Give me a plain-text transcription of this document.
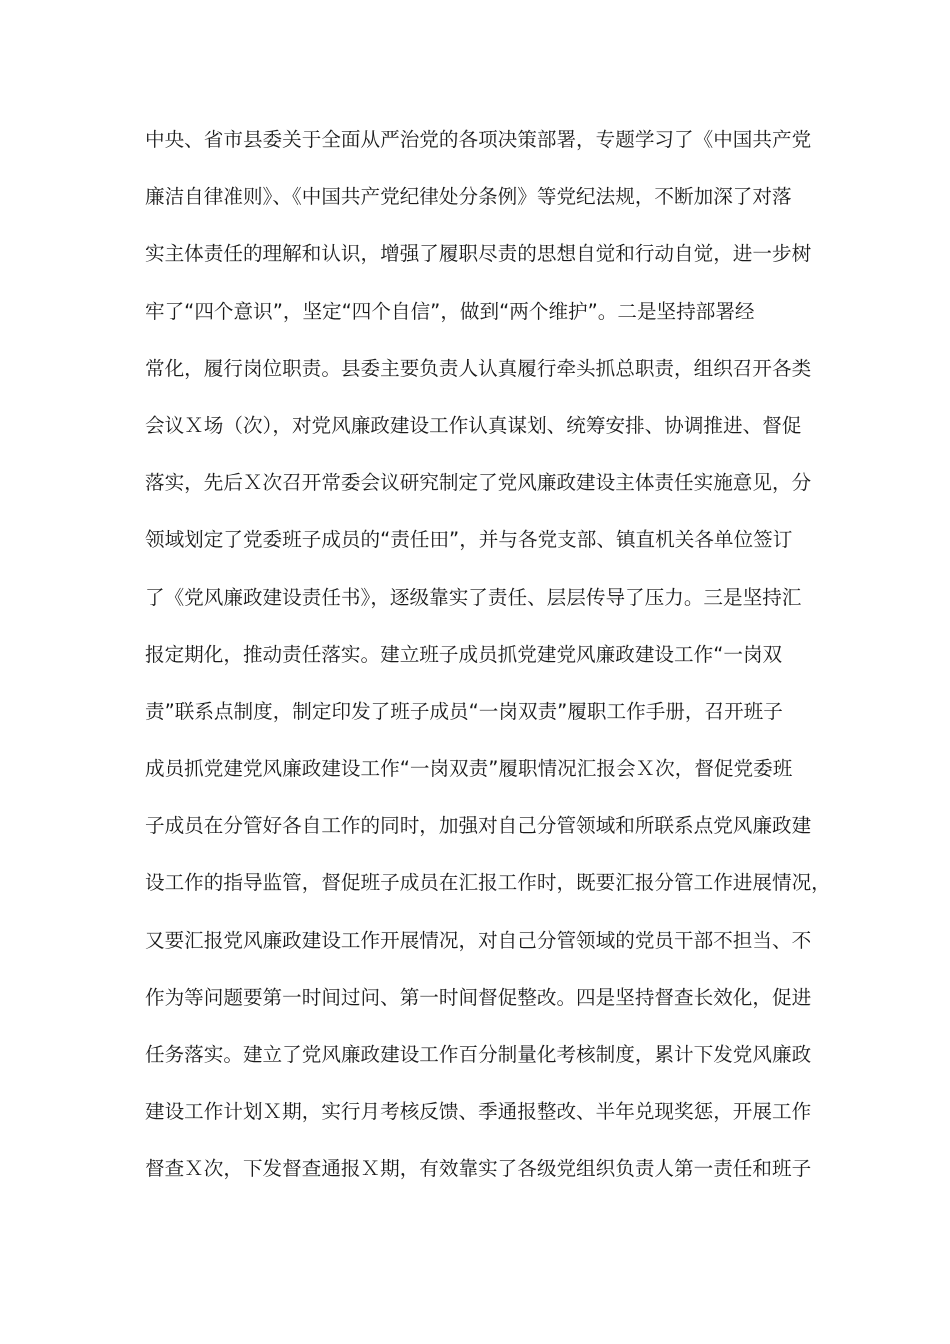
中央、省市县委关于全面从严治党的各项决策部署，专题学习了《中国共产党
廉洁自律准则》、《中国共产党纪律处分条例》等党纪法规，不断加深了对落
实主体责任的理解和认识，增强了履职尽责的思想自觉和行动自觉，进一步树
牢了“四个意识”，坚定“四个自信”，做到“两个维护”。二是坚持部署经
常化，履行岗位职责。县委主要负责人认真履行牵头抓总职责，组织召开各类
会议Ｘ场（次），对党风廉政建设工作认真谋划、统筹安排、协调推进、督促
落实，先后Ｘ次召开常委会议研究制定了党风廉政建设主体责任实施意见，分
领域划定了党委班子成员的“责任田”，并与各党支部、镇直机关各单位签订
了《党风廉政建设责任书》，逐级靠实了责任、层层传导了压力。三是坚持汇
报定期化，推动责任落实。建立班子成员抓党建党风廉政建设工作“一岗双
责”联系点制度，制定印发了班子成员“一岗双责”履职工作手册，召开班子
成员抓党建党风廉政建设工作“一岗双责”履职情况汇报会Ｘ次，督促党委班
子成员在分管好各自工作的同时，加强对自己分管领域和所联系点党风廉政建
设工作的指导监管，督促班子成员在汇报工作时，既要汇报分管工作进展情况，
又要汇报党风廉政建设工作开展情况，对自己分管领域的党员干部不担当、不
作为等问题要第一时间过问、第一时间督促整改。四是坚持督查长效化，促进
任务落实。建立了党风廉政建设工作百分制量化考核制度，累计下发党风廉政
建设工作计划Ｘ期，实行月考核反馈、季通报整改、半年兑现奖惩，开展工作
督查Ｘ次，下发督查通报Ｘ期，有效靠实了各级党组织负责人第一责任和班子
